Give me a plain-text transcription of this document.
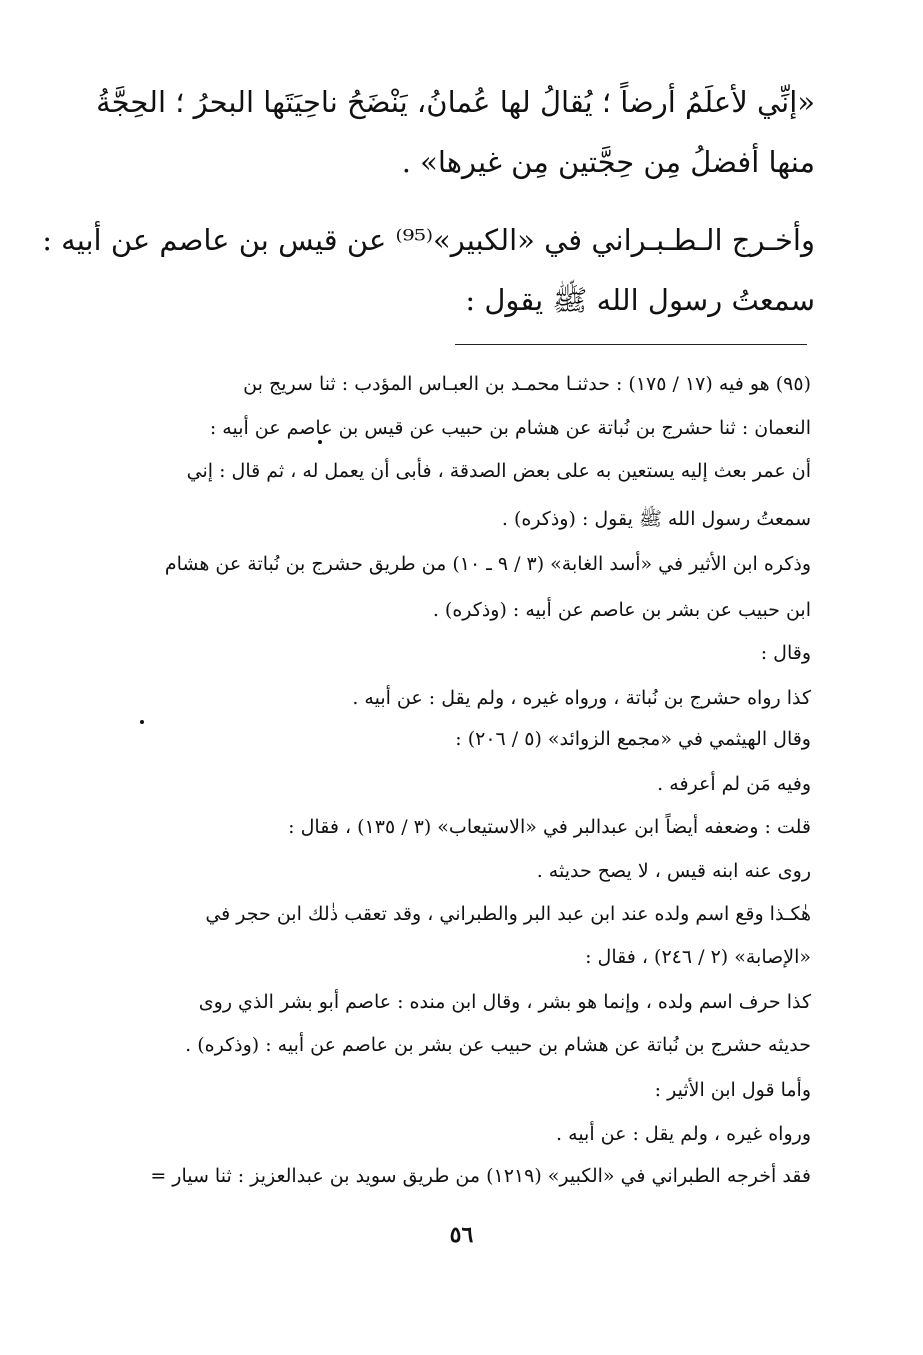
«إنِّي لأعلَمُ أرضاً ؛ يُقالُ لها عُمانُ، يَنْضَحُ ناحِيَتَها البحرُ ؛ الحِجَّةُ
منها أفضلُ مِن حِجَّتين مِن غيرها» .
وأخـرج الـطـبـراني في «الكبير»⁽⁹⁵⁾ عن قيس بن عاصم عن أبيه :
سمعتُ رسول الله ﷺ يقول :
(٩٥) هو فيه (١٧ / ١٧٥) : حدثنـا محمـد بن العبـاس المؤدب : ثنا سريج بن
النعمان : ثنا حشرج بن نُباتة عن هشام بن حبيب عن قيس بن عاصم عن أبيه :
أن عمر بعث إليه يستعين به على بعض الصدقة ، فأبى أن يعمل له ، ثم قال : إني
سمعتُ رسول الله ﷺ يقول : (وذكره) .
وذكره ابن الأثير في «أسد الغابة» (٣ / ٩ ـ ١٠) من طريق حشرج بن نُباتة عن هشام
ابن حبيب عن بشر بن عاصم عن أبيه : (وذكره) .
وقال :
كذا رواه حشرج بن نُباتة ، ورواه غيره ، ولم يقل : عن أبيه .
وقال الهيثمي في «مجمع الزوائد» (٥ / ٢٠٦) :
وفيه مَن لم أعرفه .
قلت : وضعفه أيضاً ابن عبدالبر في «الاستيعاب» (٣ / ١٣٥) ، فقال :
روى عنه ابنه قيس ، لا يصح حديثه .
هٰكـذا وقع اسم ولده عند ابن عبد البر والطبراني ، وقد تعقب ذٰلك ابن حجر في
«الإصابة» (٢ / ٢٤٦) ، فقال :
كذا حرف اسم ولده ، وإنما هو بشر ، وقال ابن منده : عاصم أبو بشر الذي روى
حديثه حشرج بن نُباتة عن هشام بن حبيب عن بشر بن عاصم عن أبيه : (وذكره) .
وأما قول ابن الأثير :
ورواه غيره ، ولم يقل : عن أبيه .
فقد أخرجه الطبراني في «الكبير» (١٢١٩) من طريق سويد بن عبدالعزيز : ثنا سيار =
٥٦
